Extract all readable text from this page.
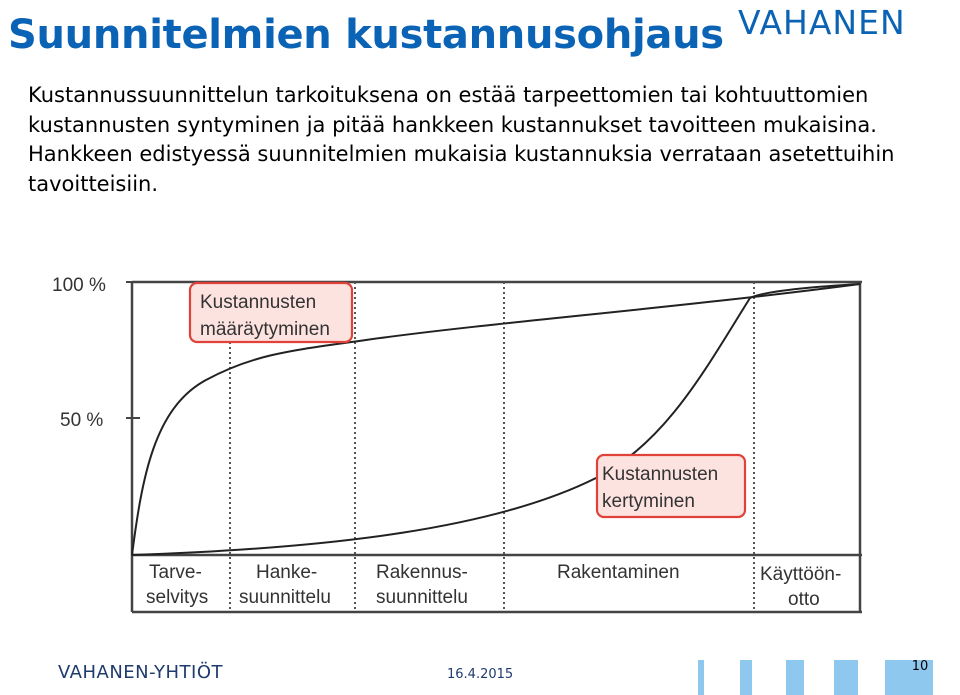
Suunnitelmien kustannusohjaus VAHANEN

Kustannussuunnittelun tarkoituksena on estää tarpeettomien tai kohtuuttomien kustannusten syntyminen ja pitää hankkeen kustannukset tavoitteen mukaisina. Hankkeen edistyessä suunnitelmien mukaisia kustannuksia verrataan asetettuihin tavoitteisiin.

100 %
50 %
Kustannusten
määräytyminen
Kustannusten
kertyminen
Tarve-
selvitys
Hanke-
suunnittelu
Rakennus-
suunnittelu
Rakentaminen	Käyttöön-
otto
VAHANEN-YHTIÖT	16.4.2015
10
